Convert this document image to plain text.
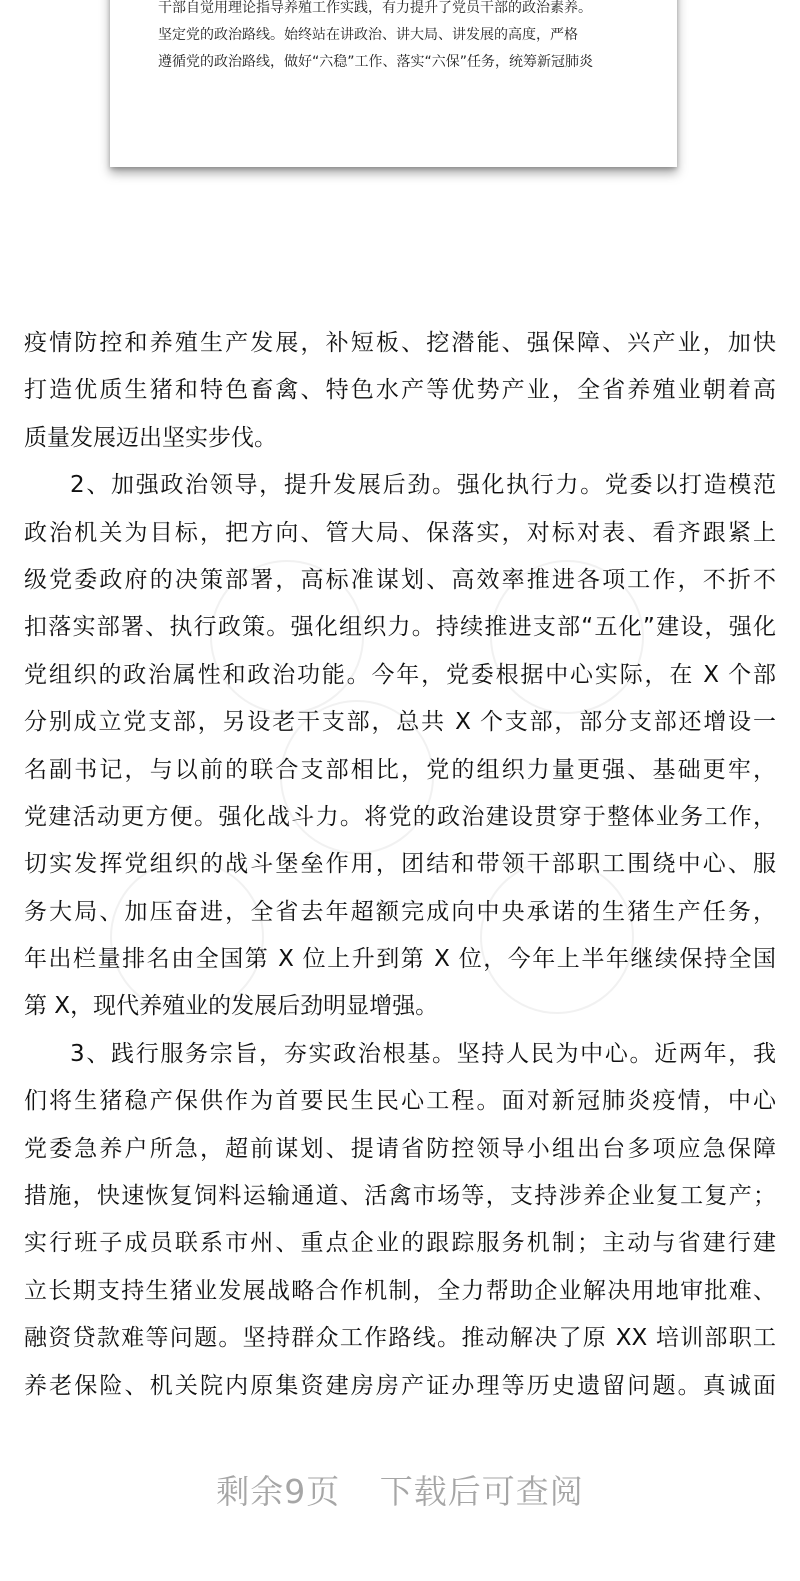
干部自觉用理论指导养殖工作实践，有力提升了党员干部的政治素养。
坚定党的政治路线。始终站在讲政治、讲大局、讲发展的高度，严格
遵循党的政治路线，做好“六稳”工作、落实“六保”任务，统筹新冠肺炎
疫情防控和养殖生产发展，补短板、挖潜能、强保障、兴产业，加快
打造优质生猪和特色畜禽、特色水产等优势产业，全省养殖业朝着高
质量发展迈出坚实步伐。
2、加强政治领导，提升发展后劲。强化执行力。党委以打造模范
政治机关为目标，把方向、管大局、保落实，对标对表、看齐跟紧上
级党委政府的决策部署，高标准谋划、高效率推进各项工作，不折不
扣落实部署、执行政策。强化组织力。持续推进支部“五化”建设，强化
党组织的政治属性和政治功能。今年，党委根据中心实际，在 X 个部
分别成立党支部，另设老干支部，总共 X 个支部，部分支部还增设一
名副书记，与以前的联合支部相比，党的组织力量更强、基础更牢，
党建活动更方便。强化战斗力。将党的政治建设贯穿于整体业务工作，
切实发挥党组织的战斗堡垒作用，团结和带领干部职工围绕中心、服
务大局、加压奋进，全省去年超额完成向中央承诺的生猪生产任务，
年出栏量排名由全国第 X 位上升到第 X 位，今年上半年继续保持全国
第 X，现代养殖业的发展后劲明显增强。
3、践行服务宗旨，夯实政治根基。坚持人民为中心。近两年，我
们将生猪稳产保供作为首要民生民心工程。面对新冠肺炎疫情，中心
党委急养户所急，超前谋划、提请省防控领导小组出台多项应急保障
措施，快速恢复饲料运输通道、活禽市场等，支持涉养企业复工复产；
实行班子成员联系市州、重点企业的跟踪服务机制；主动与省建行建
立长期支持生猪业发展战略合作机制，全力帮助企业解决用地审批难、
融资贷款难等问题。坚持群众工作路线。推动解决了原 XX 培训部职工
养老保险、机关院内原集资建房房产证办理等历史遗留问题。真诚面
剩余9页 下载后可查阅
